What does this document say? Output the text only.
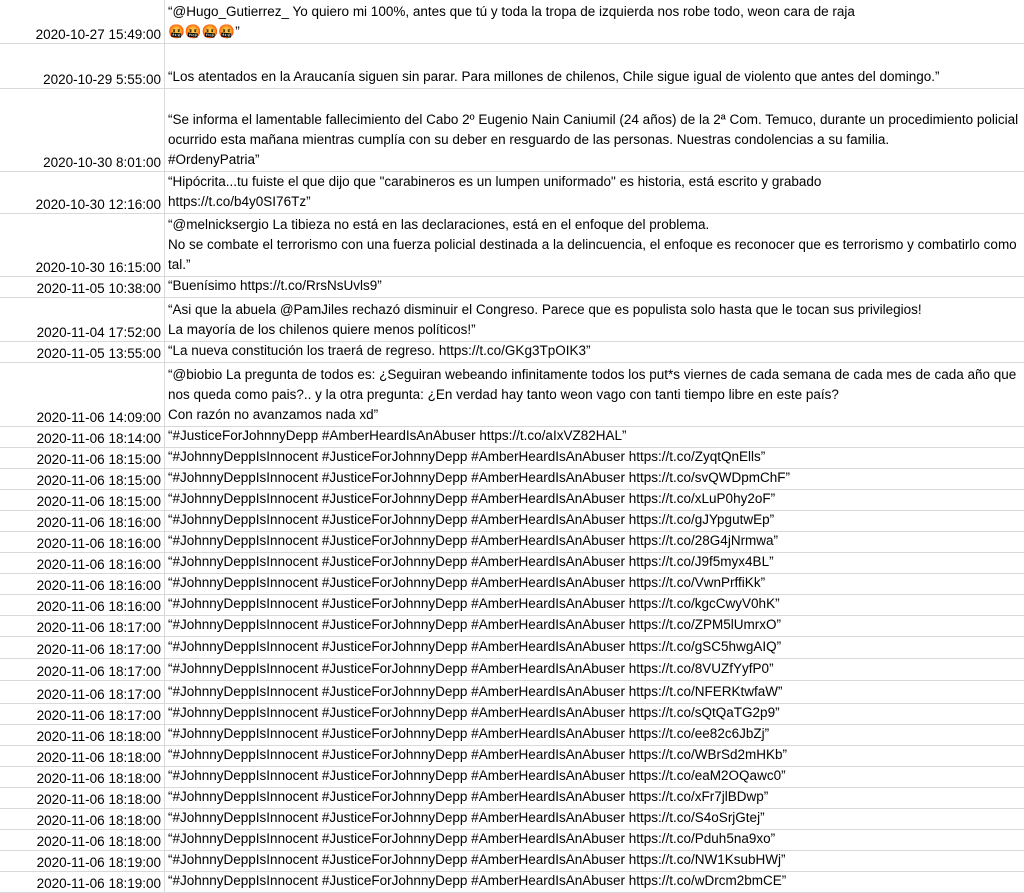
2020-10-27 15:49:00
“@Hugo_Gutierrez_ Yo quiero mi 100%, antes que tú y toda la tropa de izquierda nos robe todo, weon cara de raja
🤬🤬🤬🤬”
2020-10-29 5:55:00 “Los atentados en la Araucanía siguen sin parar. Para millones de chilenos, Chile sigue igual de violento que antes del domingo.”
2020-10-30 8:01:00
“Se informa el lamentable fallecimiento del Cabo 2º Eugenio Nain Caniumil (24 años) de la 2ª Com. Temuco, durante un procedimiento policial ocurrido esta mañana mientras cumplía con su deber en resguardo de las personas. Nuestras condolencias a su familia.
#OrdenyPatria”
2020-10-30 12:16:00
“Hipócrita...tu fuiste el que dijo que "carabineros es un lumpen uniformado" es historia, está escrito y grabado
https://t.co/b4y0SI76Tz”
2020-10-30 16:15:00
“@melnicksergio La tibieza no está en las declaraciones, está en el enfoque del problema.
No se combate el terrorismo con una fuerza policial destinada a la delincuencia, el enfoque es reconocer que es terrorismo y combatirlo como tal.”
2020-11-05 10:38:00 “Buenísimo https://t.co/RrsNsUvls9”
2020-11-04 17:52:00
“Asi que la abuela @PamJiles rechazó disminuir el Congreso. Parece que es populista solo hasta que le tocan sus privilegios!
La mayoría de los chilenos quiere menos políticos!”
2020-11-05 13:55:00 “La nueva constitución los traerá de regreso. https://t.co/GKg3TpOIK3”
2020-11-06 14:09:00
“@biobio La pregunta de todos es: ¿Seguiran webeando infinitamente todos los put*s viernes de cada semana de cada mes de cada año que nos queda como pais?.. y la otra pregunta: ¿En verdad hay tanto weon vago con tanti tiempo libre en este país?
Con razón no avanzamos nada xd”
2020-11-06 18:14:00 “#JusticeForJohnnyDepp #AmberHeardIsAnAbuser https://t.co/aIxVZ82HAL”
2020-11-06 18:15:00 “#JohnnyDeppIsInnocent #JusticeForJohnnyDepp #AmberHeardIsAnAbuser https://t.co/ZyqtQnElls”
2020-11-06 18:15:00 “#JohnnyDeppIsInnocent #JusticeForJohnnyDepp #AmberHeardIsAnAbuser https://t.co/svQWDpmChF”
2020-11-06 18:15:00 “#JohnnyDeppIsInnocent #JusticeForJohnnyDepp #AmberHeardIsAnAbuser https://t.co/xLuP0hy2oF”
2020-11-06 18:16:00 “#JohnnyDeppIsInnocent #JusticeForJohnnyDepp #AmberHeardIsAnAbuser https://t.co/gJYpgutwEp”
2020-11-06 18:16:00 “#JohnnyDeppIsInnocent #JusticeForJohnnyDepp #AmberHeardIsAnAbuser https://t.co/28G4jNrmwa”
2020-11-06 18:16:00 “#JohnnyDeppIsInnocent #JusticeForJohnnyDepp #AmberHeardIsAnAbuser https://t.co/J9f5myx4BL”
2020-11-06 18:16:00 “#JohnnyDeppIsInnocent #JusticeForJohnnyDepp #AmberHeardIsAnAbuser https://t.co/VwnPrffiKk”
2020-11-06 18:16:00 “#JohnnyDeppIsInnocent #JusticeForJohnnyDepp #AmberHeardIsAnAbuser https://t.co/kgcCwyV0hK”
2020-11-06 18:17:00 “#JohnnyDeppIsInnocent #JusticeForJohnnyDepp #AmberHeardIsAnAbuser https://t.co/ZPM5lUmrxO”
2020-11-06 18:17:00 “#JohnnyDeppIsInnocent #JusticeForJohnnyDepp #AmberHeardIsAnAbuser https://t.co/gSC5hwgAIQ”
2020-11-06 18:17:00 “#JohnnyDeppIsInnocent #JusticeForJohnnyDepp #AmberHeardIsAnAbuser https://t.co/8VUZfYyfP0”
2020-11-06 18:17:00 “#JohnnyDeppIsInnocent #JusticeForJohnnyDepp #AmberHeardIsAnAbuser https://t.co/NFERKtwfaW”
2020-11-06 18:17:00 “#JohnnyDeppIsInnocent #JusticeForJohnnyDepp #AmberHeardIsAnAbuser https://t.co/sQtQaTG2p9”
2020-11-06 18:18:00 “#JohnnyDeppIsInnocent #JusticeForJohnnyDepp #AmberHeardIsAnAbuser https://t.co/ee82c6JbZj”
2020-11-06 18:18:00 “#JohnnyDeppIsInnocent #JusticeForJohnnyDepp #AmberHeardIsAnAbuser https://t.co/WBrSd2mHKb”
2020-11-06 18:18:00 “#JohnnyDeppIsInnocent #JusticeForJohnnyDepp #AmberHeardIsAnAbuser https://t.co/eaM2OQawc0”
2020-11-06 18:18:00 “#JohnnyDeppIsInnocent #JusticeForJohnnyDepp #AmberHeardIsAnAbuser https://t.co/xFr7jlBDwp”
2020-11-06 18:18:00 “#JohnnyDeppIsInnocent #JusticeForJohnnyDepp #AmberHeardIsAnAbuser https://t.co/S4oSrjGtej”
2020-11-06 18:18:00 “#JohnnyDeppIsInnocent #JusticeForJohnnyDepp #AmberHeardIsAnAbuser https://t.co/Pduh5na9xo”
2020-11-06 18:19:00 “#JohnnyDeppIsInnocent #JusticeForJohnnyDepp #AmberHeardIsAnAbuser https://t.co/NW1KsubHWj”
2020-11-06 18:19:00 “#JohnnyDeppIsInnocent #JusticeForJohnnyDepp #AmberHeardIsAnAbuser https://t.co/wDrcm2bmCE”
